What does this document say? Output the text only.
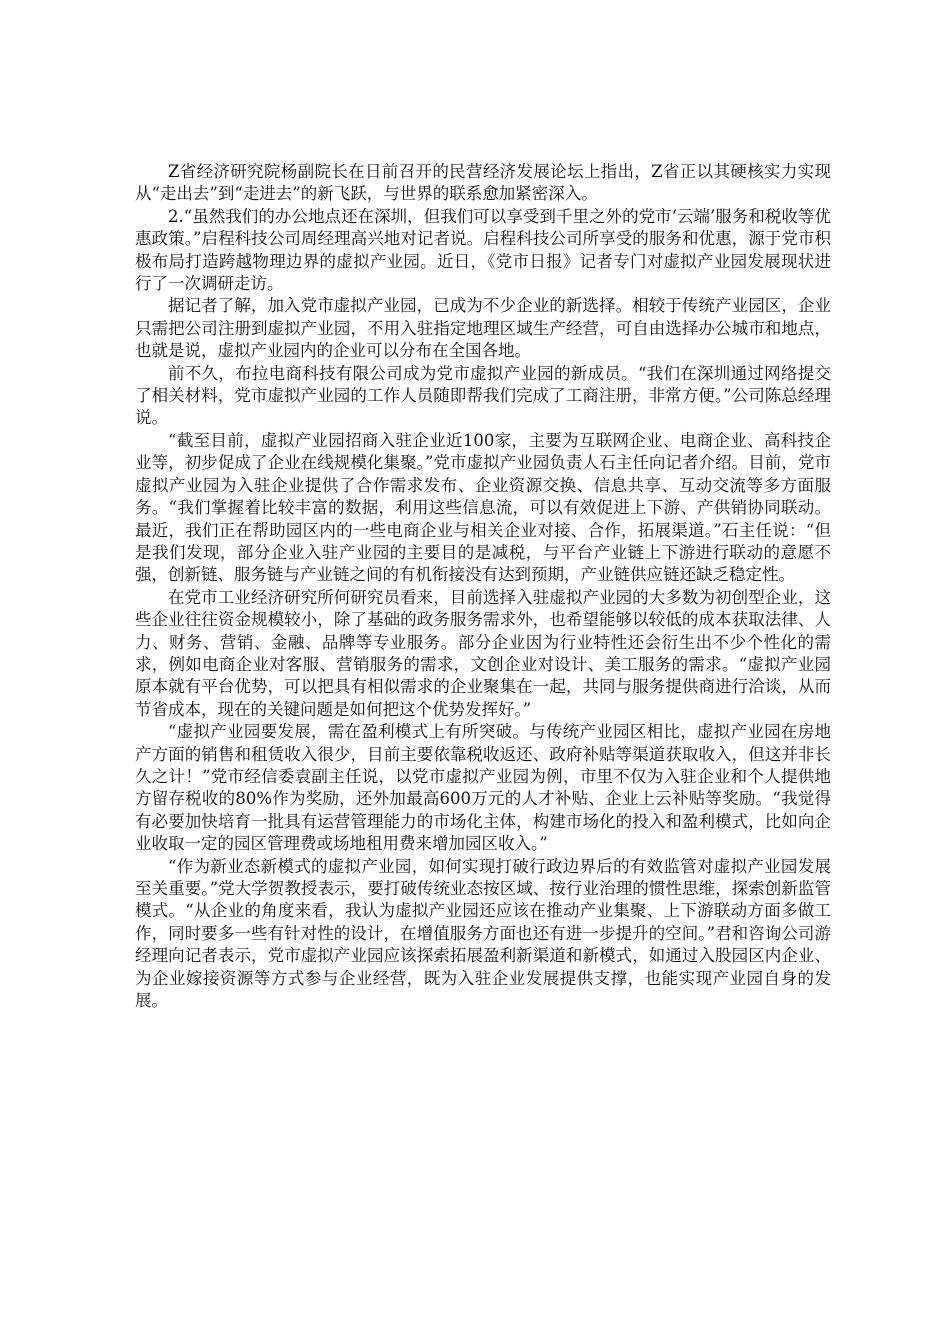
Z省经济研究院杨副院长在日前召开的民营经济发展论坛上指出，Z省正以其硬核实力实现从“走出去”到“走进去”的新飞跃，与世界的联系愈加紧密深入。

2.“虽然我们的办公地点还在深圳，但我们可以享受到千里之外的党市‘云端’服务和税收等优惠政策。”启程科技公司周经理高兴地对记者说。启程科技公司所享受的服务和优惠，源于党市积极布局打造跨越物理边界的虚拟产业园。近日，《党市日报》记者专门对虚拟产业园发展现状进行了一次调研走访。

据记者了解，加入党市虚拟产业园，已成为不少企业的新选择。相较于传统产业园区，企业只需把公司注册到虚拟产业园，不用入驻指定地理区域生产经营，可自由选择办公城市和地点，也就是说，虚拟产业园内的企业可以分布在全国各地。

前不久，布拉电商科技有限公司成为党市虚拟产业园的新成员。“我们在深圳通过网络提交了相关材料，党市虚拟产业园的工作人员随即帮我们完成了工商注册，非常方便。”公司陈总经理说。

“截至目前，虚拟产业园招商入驻企业近100家，主要为互联网企业、电商企业、高科技企业等，初步促成了企业在线规模化集聚。”党市虚拟产业园负责人石主任向记者介绍。目前，党市虚拟产业园为入驻企业提供了合作需求发布、企业资源交换、信息共享、互动交流等多方面服务。“我们掌握着比较丰富的数据，利用这些信息流，可以有效促进上下游、产供销协同联动。最近，我们正在帮助园区内的一些电商企业与相关企业对接、合作，拓展渠道。”石主任说：“但是我们发现，部分企业入驻产业园的主要目的是减税，与平台产业链上下游进行联动的意愿不强，创新链、服务链与产业链之间的有机衔接没有达到预期，产业链供应链还缺乏稳定性。

在党市工业经济研究所何研究员看来，目前选择入驻虚拟产业园的大多数为初创型企业，这些企业往往资金规模较小，除了基础的政务服务需求外，也希望能够以较低的成本获取法律、人力、财务、营销、金融、品牌等专业服务。部分企业因为行业特性还会衍生出不少个性化的需求，例如电商企业对客服、营销服务的需求，文创企业对设计、美工服务的需求。“虚拟产业园原本就有平台优势，可以把具有相似需求的企业聚集在一起，共同与服务提供商进行洽谈，从而节省成本，现在的关键问题是如何把这个优势发挥好。”

“虚拟产业园要发展，需在盈利模式上有所突破。与传统产业园区相比，虚拟产业园在房地产方面的销售和租赁收入很少，目前主要依靠税收返还、政府补贴等渠道获取收入，但这并非长久之计！”党市经信委袁副主任说，以党市虚拟产业园为例，市里不仅为入驻企业和个人提供地方留存税收的80%作为奖励，还外加最高600万元的人才补贴、企业上云补贴等奖励。“我觉得有必要加快培育一批具有运营管理能力的市场化主体，构建市场化的投入和盈利模式，比如向企业收取一定的园区管理费或场地租用费来增加园区收入。”

“作为新业态新模式的虚拟产业园，如何实现打破行政边界后的有效监管对虚拟产业园发展至关重要。”党大学贺教授表示，要打破传统业态按区域、按行业治理的惯性思维，探索创新监管模式。“从企业的角度来看，我认为虚拟产业园还应该在推动产业集聚、上下游联动方面多做工作，同时要多一些有针对性的设计，在增值服务方面也还有进一步提升的空间。”君和咨询公司游经理向记者表示，党市虚拟产业园应该探索拓展盈利新渠道和新模式，如通过入股园区内企业、为企业嫁接资源等方式参与企业经营，既为入驻企业发展提供支撑，也能实现产业园自身的发展。
